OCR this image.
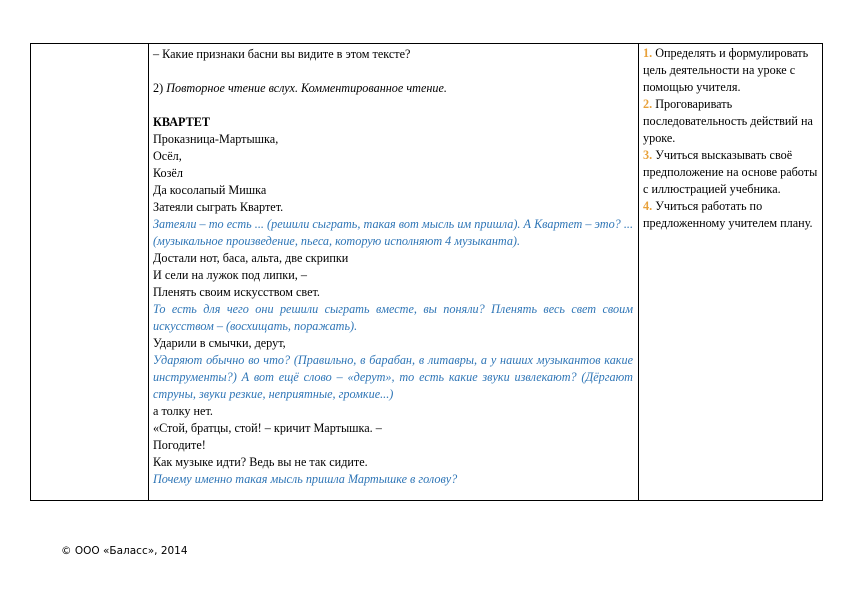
– Какие признаки басни вы видите в этом тексте?

2) Повторное чтение вслух. Комментированное чтение.

КВАРТЕТ

Проказница-Мартышка,

Осёл,

Козёл

Да косолапый Мишка

Затеяли сыграть Квартет.

Затеяли – то есть ... (решили сыграть, такая вот мысль им пришла). А Квартет – это? ... (музыкальное произведение, пьеса, которую исполняют 4 музыканта).

Достали нот, баса, альта, две скрипки

И сели на лужок под липки, –

Пленять своим искусством свет.

То есть для чего они решили сыграть вместе, вы поняли? Пленять весь свет своим искусством – (восхищать, поражать).

Ударили в смычки, дерут,

Ударяют обычно во что? (Правильно, в барабан, в литавры, а у наших музыкантов какие инструменты?) А вот ещё слово – «дерут», то есть какие звуки извлекают? (Дёргают струны, звуки резкие, неприятные, громкие...)

а толку нет.

«Стой, братцы, стой! – кричит Мартышка. –

Погодите!

Как музыке идти? Ведь вы не так сидите.

Почему именно такая мысль пришла Мартышке в голову?

1. Определять и формулировать цель деятельности на уроке с помощью учителя.

2. Проговаривать последовательность действий на уроке.

3. Учиться высказывать своё предположение на основе работы с иллюстрацией учебника.

4. Учиться работать по предложенному учителем плану.

© ООО «Баласс», 2014
